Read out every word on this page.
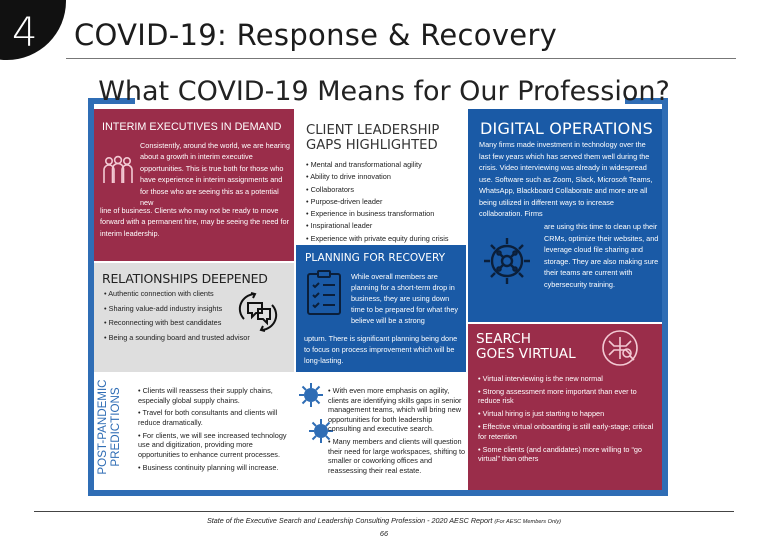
4 COVID-19: Response & Recovery
What COVID-19 Means for Our Profession?
INTERIM EXECUTIVES IN DEMAND
Consistently, around the world, we are hearing about a growth in interim executive opportunities. This is true both for those who have experience in interim assignments and for those who are seeing this as a potential new
line of business. Clients who may not be ready to move forward with a permanent hire, may be seeing the need for interim leadership.
CLIENT LEADERSHIP
GAPS HIGHLIGHTED
• Mental and transformational agility
• Ability to drive innovation
• Collaborators
• Purpose-driven leader
• Experience in business transformation
• Inspirational leader
• Experience with private equity during crisis
DIGITAL OPERATIONS
Many firms made investment in technology over the last few years which has served them well during the crisis. Video interviewing was already in widespread use. Software such as Zoom, Slack, Microsoft Teams, WhatsApp, Blackboard Collaborate and more are all being utilized in different ways to increase collaboration. Firms
are using this time to clean up their CRMs, optimize their websites, and leverage cloud file sharing and storage. They are also making sure their teams are current with cybersecurity training.
RELATIONSHIPS DEEPENED
• Authentic connection with clients
• Sharing value-add industry insights
• Reconnecting with best candidates
• Being a sounding board and trusted advisor
PLANNING FOR RECOVERY
While overall members are planning for a short-term drop in business, they are using down time to be prepared for what they believe will be a strong
upturn. There is significant planning being done to focus on process improvement which will be long-lasting.
SEARCH
GOES VIRTUAL
• Virtual interviewing is the new normal
• Strong assessment more important than ever to reduce risk
• Virtual hiring is just starting to happen
• Effective virtual onboarding is still early-stage; critical for retention
• Some clients (and candidates) more willing to “go virtual” than others
POST-PANDEMIC PREDICTIONS
•	Clients will reassess their supply chains, especially global supply chains.
• Travel for both consultants and clients will reduce dramatically.
• For clients, we will see increased technology use and digitization, providing more opportunities to enhance current processes.
• Business continuity planning will increase.
• With even more emphasis on agility, clients are identifying skills gaps in senior management teams, which will bring new opportunities for both leadership consulting and executive search.
• Many members and clients will question their need for large workspaces, shifting to smaller or coworking offices and reassessing their real estate.
State of the Executive Search and Leadership Consulting Profession - 2020 AESC Report (For AESC Members Only)
66
